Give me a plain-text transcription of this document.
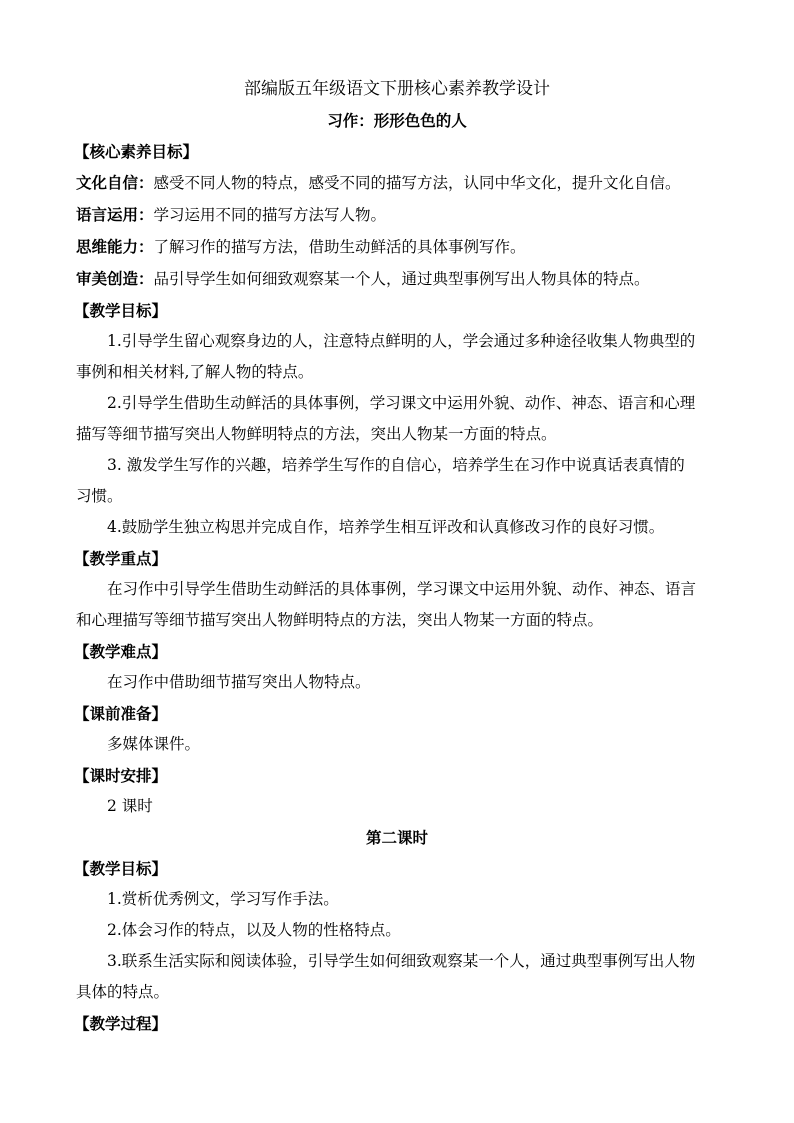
部编版五年级语文下册核心素养教学设计
习作：形形色色的人
【核心素养目标】
文化自信：感受不同人物的特点，感受不同的描写方法，认同中华文化，提升文化自信。
语言运用：学习运用不同的描写方法写人物。
思维能力：了解习作的描写方法，借助生动鲜活的具体事例写作。
审美创造：品引导学生如何细致观察某一个人，通过典型事例写出人物具体的特点。
【教学目标】
1.引导学生留心观察身边的人，注意特点鲜明的人，学会通过多种途径收集人物典型的
事例和相关材料,了解人物的特点。
2.引导学生借助生动鲜活的具体事例，学习课文中运用外貌、动作、神态、语言和心理
描写等细节描写突出人物鲜明特点的方法，突出人物某一方面的特点。
3. 激发学生写作的兴趣，培养学生写作的自信心，培养学生在习作中说真话表真情的
习惯。
4.鼓励学生独立构思并完成自作，培养学生相互评改和认真修改习作的良好习惯。
【教学重点】
在习作中引导学生借助生动鲜活的具体事例，学习课文中运用外貌、动作、神态、语言
和心理描写等细节描写突出人物鲜明特点的方法，突出人物某一方面的特点。
【教学难点】
在习作中借助细节描写突出人物特点。
【课前准备】
多媒体课件。
【课时安排】
2 课时
第二课时
【教学目标】
1.赏析优秀例文，学习写作手法。
2.体会习作的特点，以及人物的性格特点。
3.联系生活实际和阅读体验，引导学生如何细致观察某一个人，通过典型事例写出人物
具体的特点。
【教学过程】
